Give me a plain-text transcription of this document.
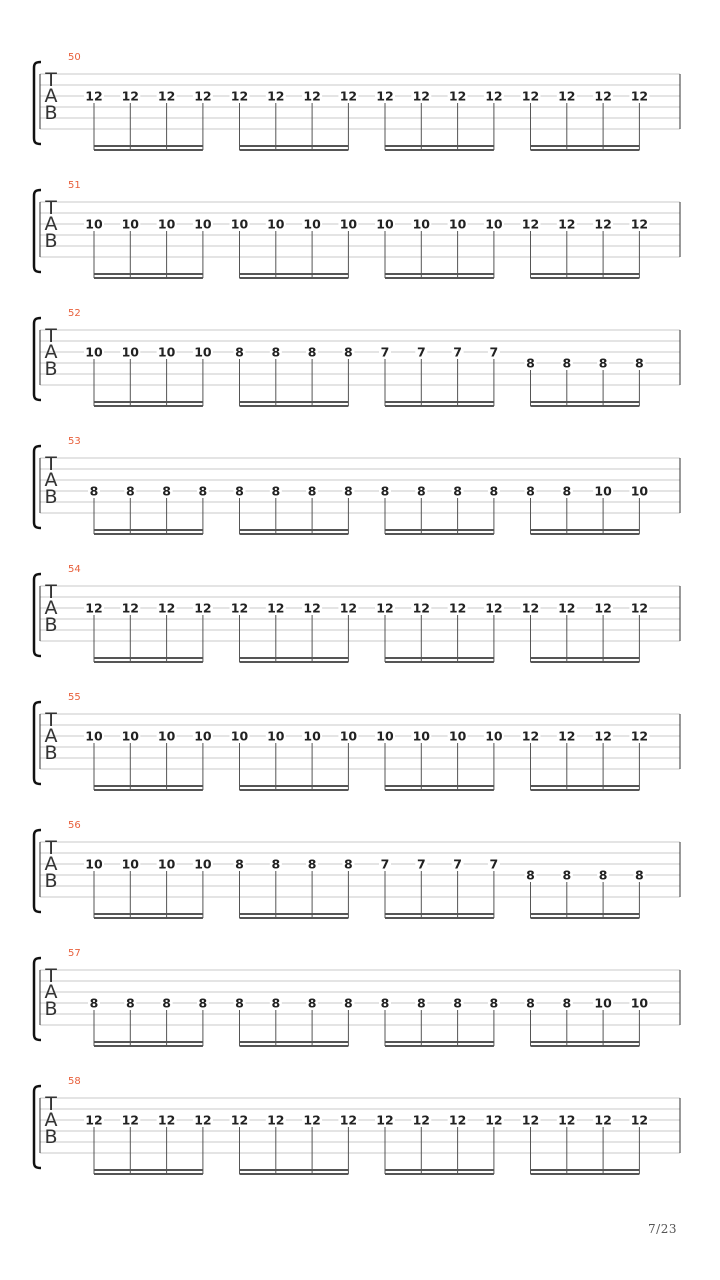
50
T
A
B
12 12 12 12 12 12 12 12 12 12 12 12 12 12 12 12
51
T
A
B
10 10 10 10 10 10 10 10 10 10 10 10 12 12 12 12
52
T
A
B
10 10 10 10 8 8 8 8 7 7 7 7
8 8 8 8
53
T
A
B	8 8 8 8 8 8 8 8 8 8 8 8 8 8 10 10
54
T
A
B
12 12 12 12 12 12 12 12 12 12 12 12 12 12 12 12
55
T
A
B
10 10 10 10 10 10 10 10 10 10 10 10 12 12 12 12
56
T
A
B
10 10 10 10 8 8 8 8 7 7 7 7
8 8 8 8
57
T
A
B	8 8 8 8 8 8 8 8 8 8 8 8 8 8 10 10
58
T
A
B
12 12 12 12 12 12 12 12 12 12 12 12 12 12 12 12
7/23
